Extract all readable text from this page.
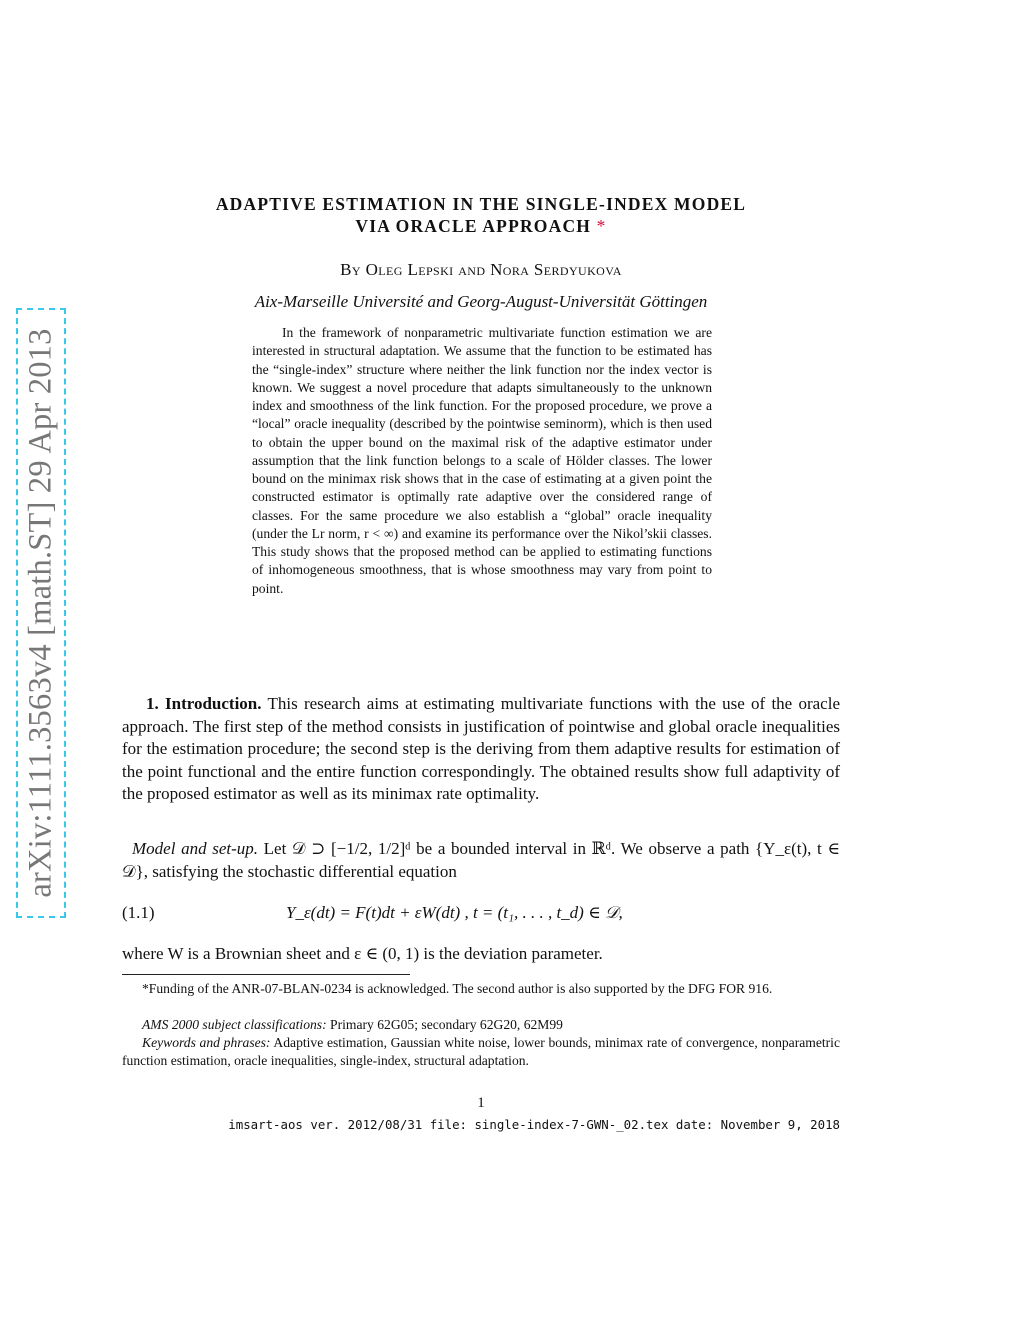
arXiv:1111.3563v4 [math.ST] 29 Apr 2013
ADAPTIVE ESTIMATION IN THE SINGLE-INDEX MODEL
VIA ORACLE APPROACH *
By Oleg Lepski and Nora Serdyukova
Aix-Marseille Université and Georg-August-Universität Göttingen

In the framework of nonparametric multivariate function estimation we are interested in structural adaptation. We assume that the function to be estimated has the “single-index” structure where neither the link function nor the index vector is known. We suggest a novel procedure that adapts simultaneously to the unknown index and smoothness of the link function. For the proposed procedure, we prove a “local” oracle inequality (described by the pointwise seminorm), which is then used to obtain the upper bound on the maximal risk of the adaptive estimator under assumption that the link function belongs to a scale of Hölder classes. The lower bound on the minimax risk shows that in the case of estimating at a given point the constructed estimator is optimally rate adaptive over the considered range of classes. For the same procedure we also establish a “global” oracle inequality (under the Lr norm, r < ∞) and examine its performance over the Nikol’skii classes. This study shows that the proposed method can be applied to estimating functions of inhomogeneous smoothness, that is whose smoothness may vary from point to point.

1. Introduction. This research aims at estimating multivariate functions with the use of the oracle approach. The first step of the method consists in justification of pointwise and global oracle inequalities for the estimation procedure; the second step is the deriving from them adaptive results for estimation of the point functional and the entire function correspondingly. The obtained results show full adaptivity of the proposed estimator as well as its minimax rate optimality.

Model and set-up. Let 𝒟 ⊃ [−1/2, 1/2]ᵈ be a bounded interval in ℝᵈ. We observe a path {Y_ε(t), t ∈ 𝒟}, satisfying the stochastic differential equation

(1.1)	Y_ε(dt) = F(t)dt + εW(dt) , t = (t₁, . . . , t_d) ∈ 𝒟,

where W is a Brownian sheet and ε ∈ (0, 1) is the deviation parameter.

*Funding of the ANR-07-BLAN-0234 is acknowledged. The second author is also supported by the DFG FOR 916.

AMS 2000 subject classifications: Primary 62G05; secondary 62G20, 62M99

Keywords and phrases: Adaptive estimation, Gaussian white noise, lower bounds, minimax rate of convergence, nonparametric function estimation, oracle inequalities, single-index, structural adaptation.

1
imsart-aos ver. 2012/08/31 file: single-index-7-GWN-_02.tex date: November 9, 2018
